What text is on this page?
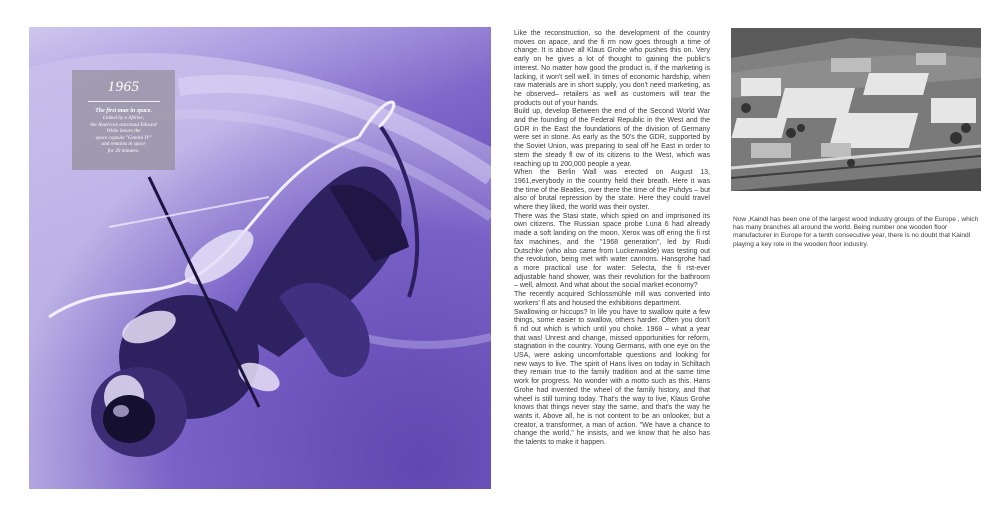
1965
The first man in space.
Linked by a lifeline,
the American astronaut Edward
White leaves the
space capsule "Gemini IV"
and remains in space
for 20 minutes.

Like the reconstruction, so the development of the country moves on apace, and the fi rm now goes through a time of change. It is above all Klaus Grohe who pushes this on. Very early on he gives a lot of thought to gaining the public's interest. No matter how good the product is, if the marketing is lacking, it won't sell well. In times of economic hardship, when raw materials are in short supply, you don't need marketing, as he observed– retailers as well as customers will tear the products out of your hands.

Build up, develop Between the end of the Second World War and the founding of the Federal Republic in the West and the GDR in the East the foundations of the division of Germany were set in stone. As early as the 50's the GDR, supported by the Soviet Union, was preparing to seal off he East in order to stem the steady fl ow of its citizens to the West, which was reaching up to 200,000 people a year.

When the Berlin Wall was erected on August 13, 1961,everybody in the country held their breath. Here it was the time of the Beatles, over there the time of the Puhdys – but also of brutal repression by the state. Here they could travel where they liked, the world was their oyster.

There was the Stasi state, which spied on and imprisoned its own citizens. The Russian space probe Luna 6 had already made a soft landing on the moon. Xerox was off ering the fi rst fax machines, and the "1968 generation", led by Rudi Dutschke (who also came from Luckenwalde) was testing out the revolution, being met with water cannons. Hansgrohe had a more practical use for water: Selecta, the fi rst-ever adjustable hand shower, was their revolution for the bathroom – well, almost. And what about the social market economy?

The recently acquired Schlossmühle mill was converted into workers' fl ats and housed the exhibitions department.

Swallowing or hiccups? In life you have to swallow quite a few things, some easier to swallow, others harder. Often you don't fi nd out which is which until you choke. 1968 – what a year that was! Unrest and change, missed opportunities for reform, stagnation in the country. Young Germans, with one eye on the USA, were asking uncomfortable questions and looking for new ways to live. The spirit of Hans lives on today in Schiltach they remain true to the family tradition and at the same time work for progress. No wonder with a motto such as this. Hans Grohe had invented the wheel of the family history, and that wheel is still turning today. That's the way to live, Klaus Grohe knows that things never stay the same, and that's the way he wants it. Above all, he is not content to be an onlooker, but a creator, a transformer, a man of action. "We have a chance to change the world," he insists, and we know that he also has the talents to make it happen.

Now ,Kaindl has been one of the largest wood industry groups of the Europe , which has many branches all around the world. Being number one wooden floor manufacturer in Europe for a tenth consecutive year, there is no doubt that Kaindl playing a key role in the wooden floor industry.
